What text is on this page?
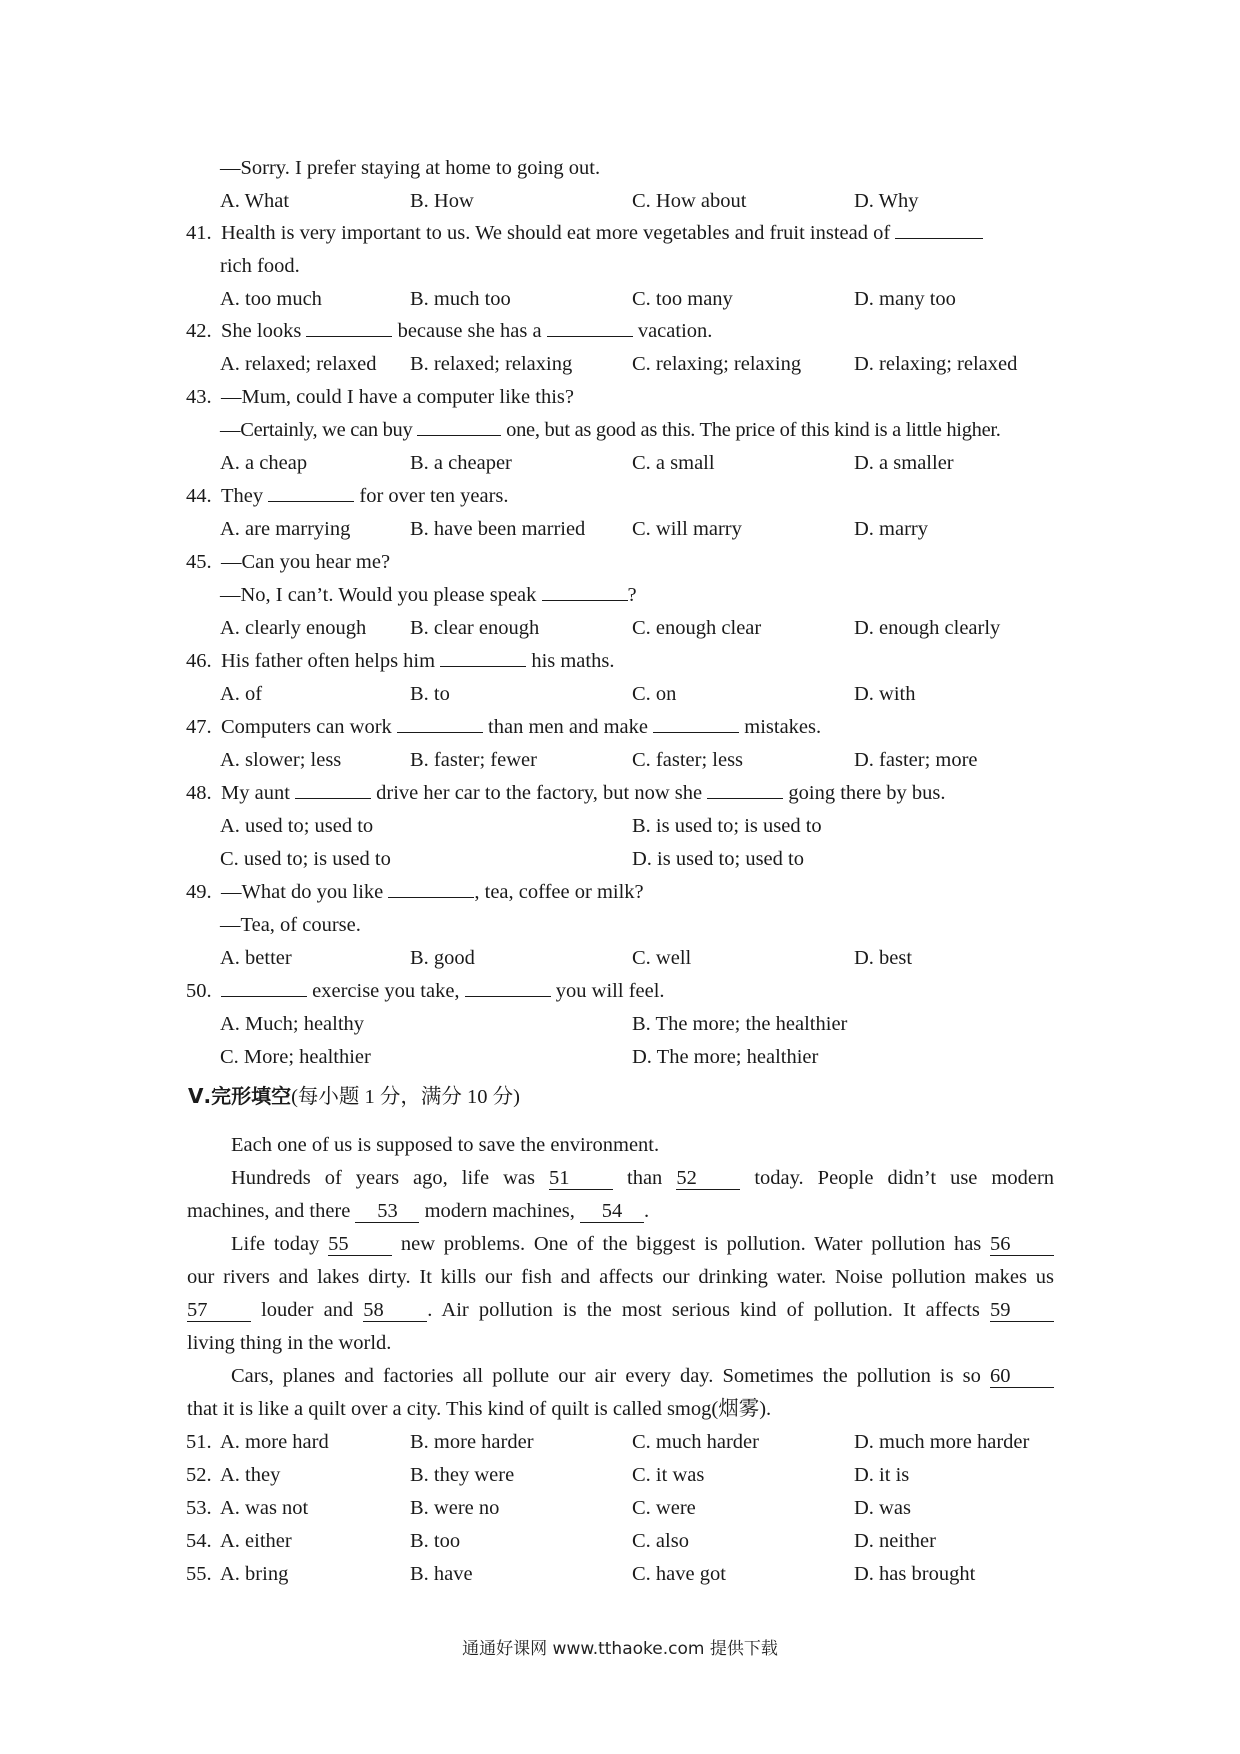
—Sorry. I prefer staying at home to going out.
A. What	B. How	C. How about	D. Why
41. Health is very important to us. We should eat more vegetables and fruit instead of
rich food.
A. too much	B. much too	C. too many	D. many too
42. She looks	because she has a	vacation.
A. relaxed; relaxed B. relaxed; relaxing	C. relaxing; relaxing	D. relaxing; relaxed
43. —Mum, could I have a computer like this?
—Certainly, we can buy	one, but as good as this. The price of this kind is a little higher.
A. a cheap	B. a cheaper	C. a small	D. a smaller
44. They	for over ten years.
A. are marrying	B. have been married C. will marry	D. marry
45. —Can you hear me?
—No, I can’t. Would you please speak	?
A. clearly enough B. clear enough	C. enough clear	D. enough clearly
46. His father often helps him	his maths.
A. of	B. to	C. on	D. with
47. Computers can work	than men and make	mistakes.
A. slower; less	B. faster; fewer	C. faster; less	D. faster; more
48. My aunt	drive her car to the factory, but now she	going there by bus.
A. used to; used to	B. is used to; is used to
C. used to; is used to	D. is used to; used to
49. —What do you like	, tea, coffee or milk?
—Tea, of course.
A. better	B. good	C. well	D. best
50.	exercise you take,	you will feel.
A. Much; healthy	B. The more; the healthier
C. More; healthier	D. The more; healthier
Ⅴ.完形填空(每小题 1 分，满分 10 分)
Each one of us is supposed to save the environment.
Hundreds of years ago, life was 51	than 52	today. People didn’t use modern
machines, and there 53 modern machines, 54 .
Life today 55	new problems. One of the biggest is pollution. Water pollution has 56
our rivers and lakes dirty. It kills our fish and affects our drinking water. Noise pollution makes us
57	louder and 58 . Air pollution is the most serious kind of pollution. It affects 59
living thing in the world.
Cars, planes and factories all pollute our air every day. Sometimes the pollution is so 60
that it is like a quilt over a city. This kind of quilt is called smog(烟雾).
51. A. more hard	B. more harder	C. much harder	D. much more harder
52. A. they	B. they were	C. it was	D. it is
53. A. was not	B. were no	C. were	D. was
54. A. either	B. too	C. also	D. neither
55. A. bring	B. have	C. have got	D. has brought
通通好课网 www.tthaoke.com 提供下载
